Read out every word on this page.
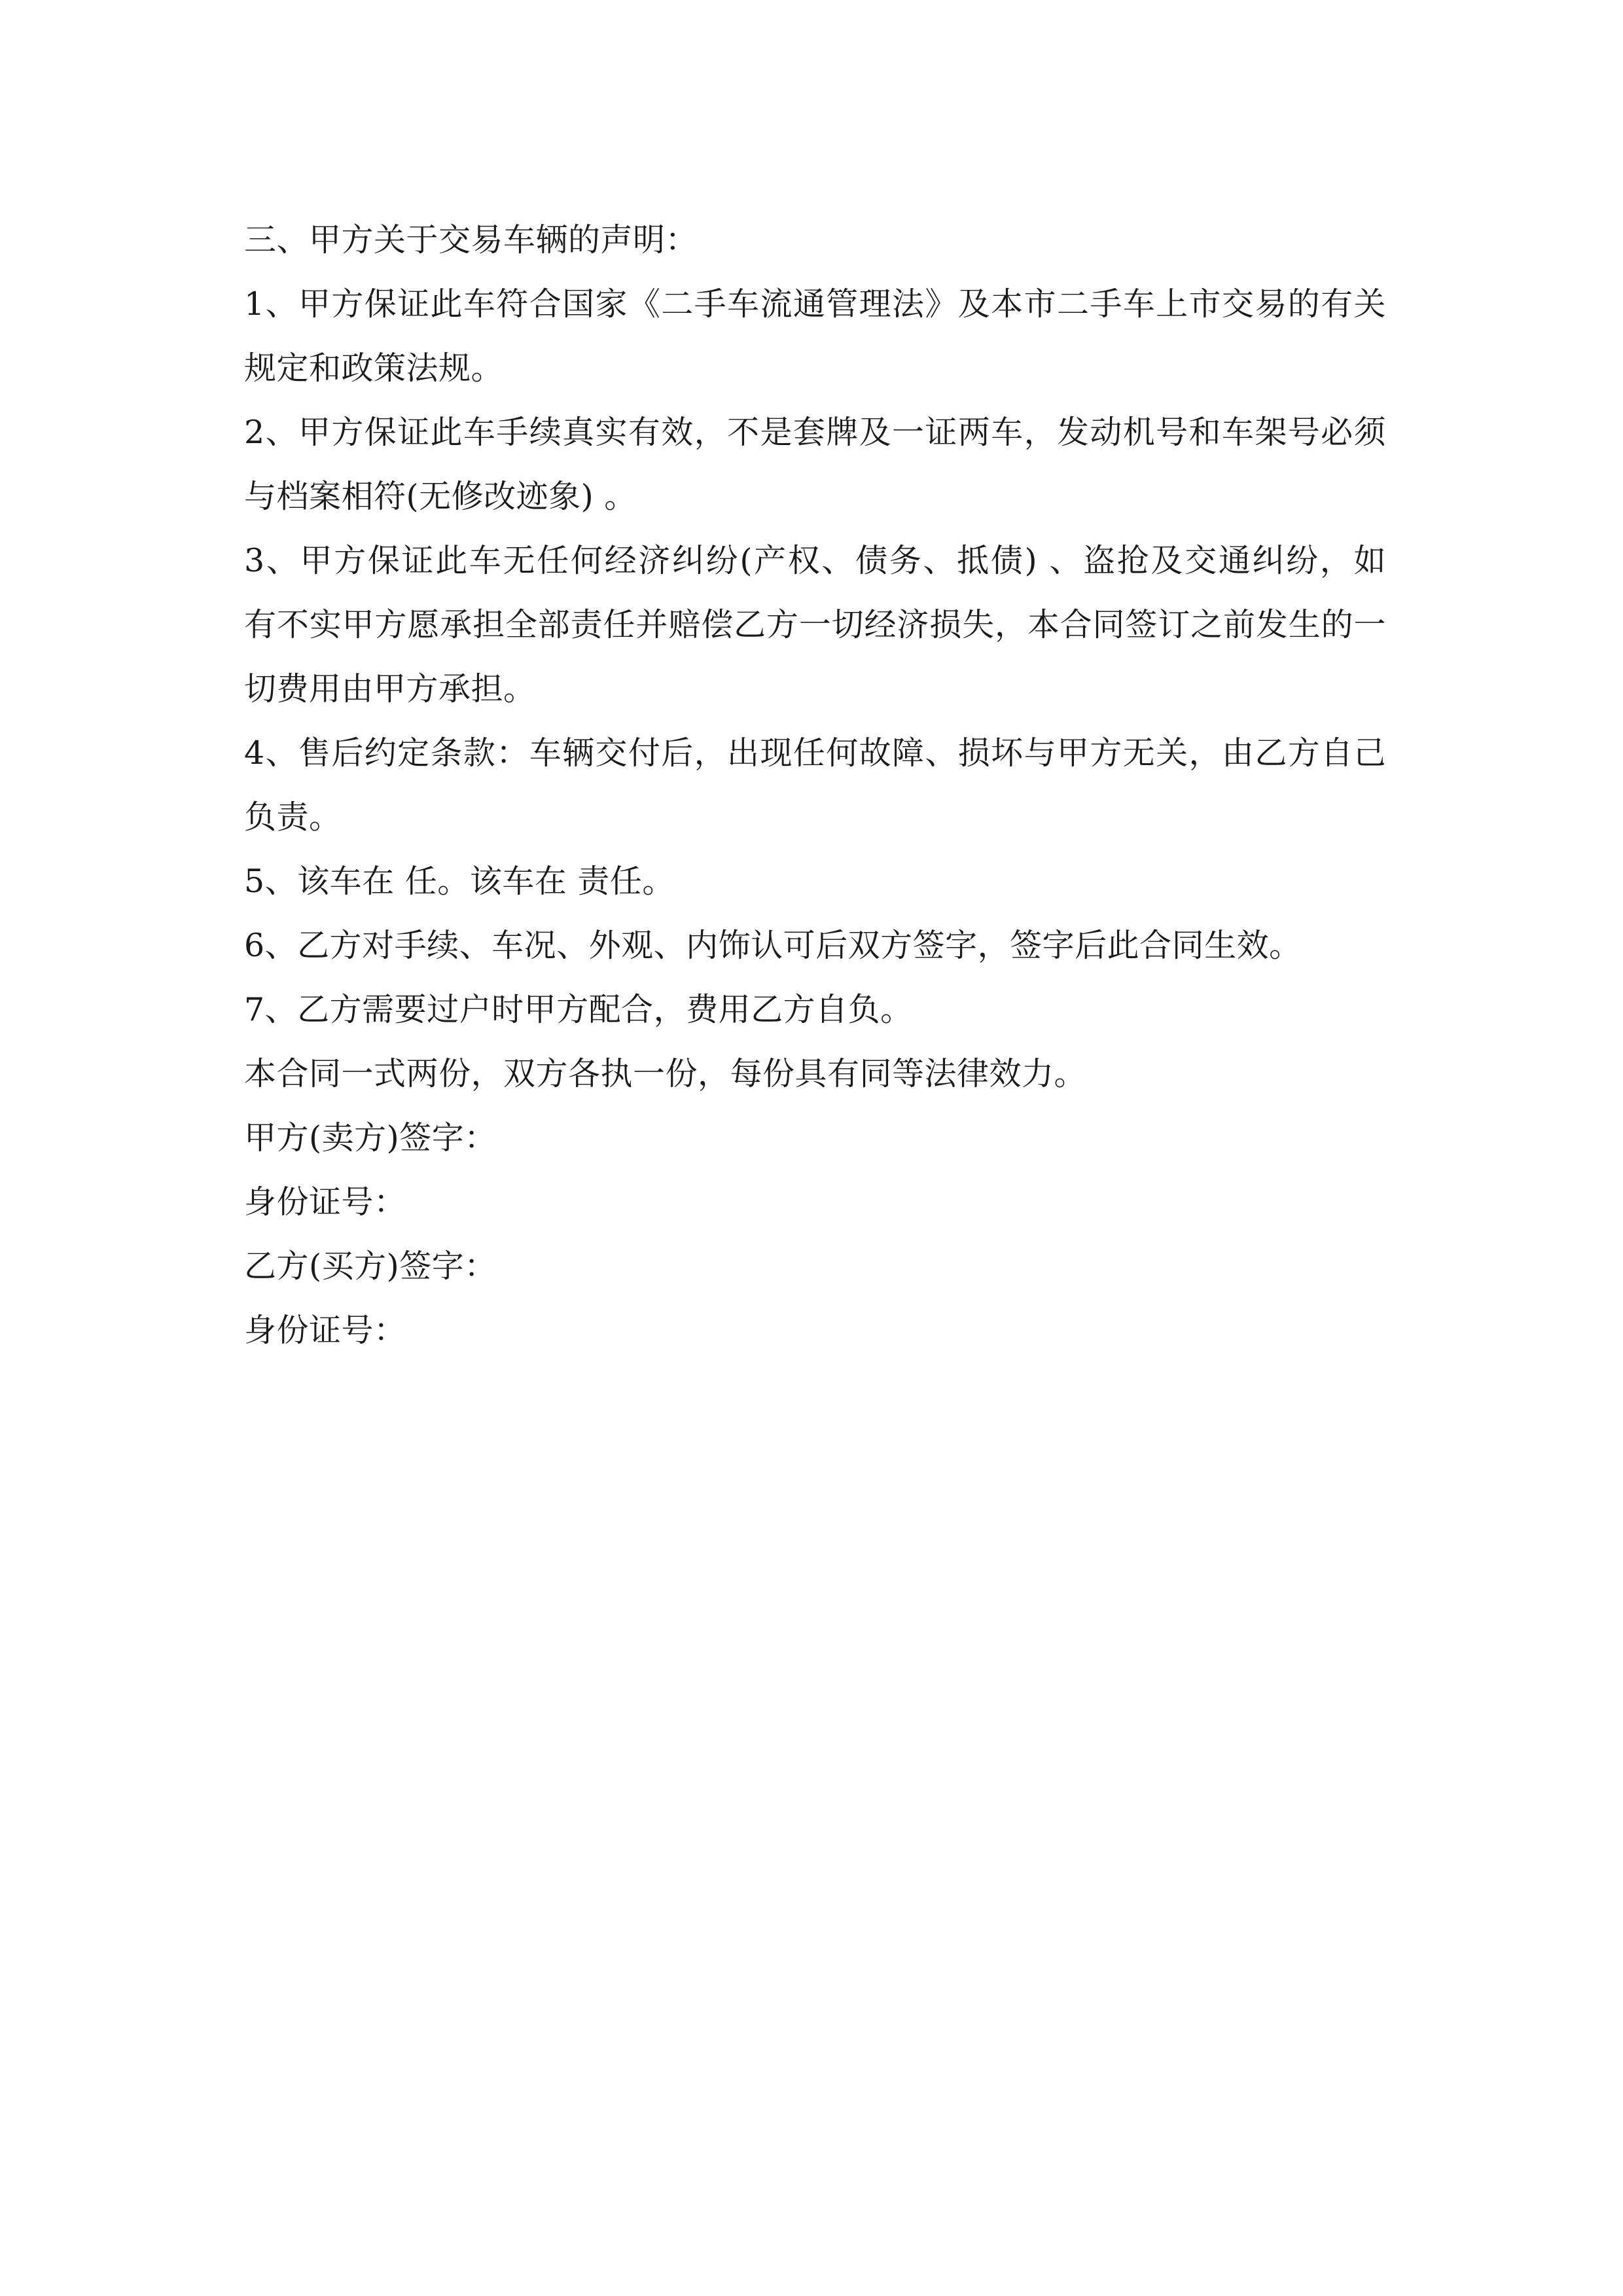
三、甲方关于交易车辆的声明：
1、甲方保证此车符合国家《二手车流通管理法》及本市二手车上市交易的有关
规定和政策法规。
2、甲方保证此车手续真实有效，不是套牌及一证两车，发动机号和车架号必须
与档案相符(无修改迹象) 。
3、甲方保证此车无任何经济纠纷(产权、债务、抵债) 、盗抢及交通纠纷，如
有不实甲方愿承担全部责任并赔偿乙方一切经济损失，本合同签订之前发生的一
切费用由甲方承担。
4、售后约定条款：车辆交付后，出现任何故障、损坏与甲方无关，由乙方自己
负责。
5、该车在 任。该车在 责任。
6、乙方对手续、车况、外观、内饰认可后双方签字，签字后此合同生效。
7、乙方需要过户时甲方配合，费用乙方自负。
本合同一式两份，双方各执一份，每份具有同等法律效力。
甲方(卖方)签字：
身份证号：
乙方(买方)签字：
身份证号：
